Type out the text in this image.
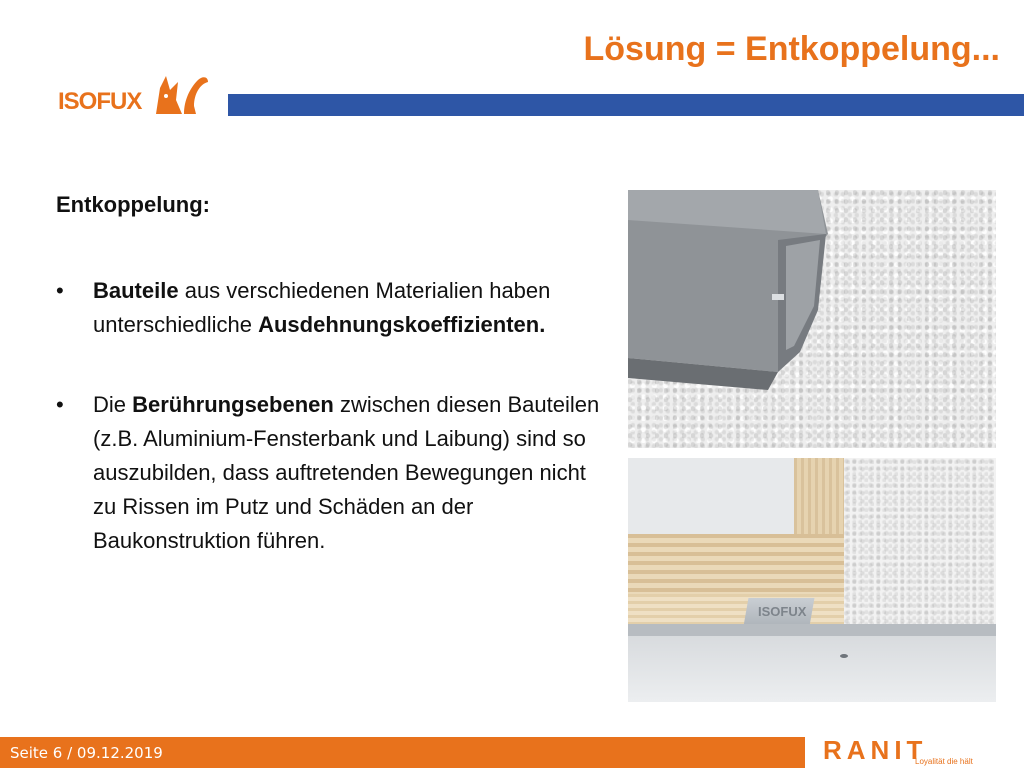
Lösung = Entkoppelung...
ISOFUX
Entkoppelung:
• Bauteile aus verschiedenen Materialien haben unterschiedliche Ausdehnungskoeffizienten.
• Die Berührungsebenen zwischen diesen Bauteilen (z.B. Aluminium-Fensterbank und Laibung) sind so auszubilden, dass auftretenden Bewegungen nicht zu Rissen im Putz und Schäden an der Baukonstruktion führen.
ISOFUX
Seite 6 / 09.12.2019	RANIT
Loyalität die hält
